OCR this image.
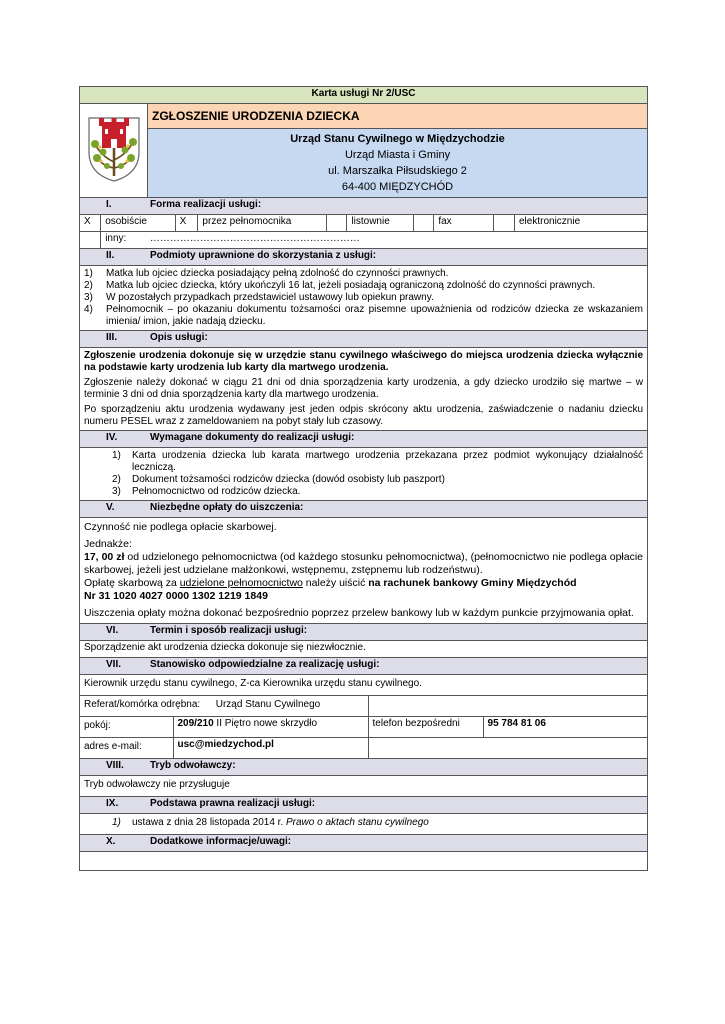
Karta usługi Nr 2/USC
	ZGŁOSZENIE URODZENIA DZIECKA

Urząd Stanu Cywilnego w Międzychodzie
Urząd Miasta i Gminy
ul. Marszałka Piłsudskiego 2
64-400 MIĘDZYCHÓD

I.	Forma realizacji usługi:

X	osobiście	X	przez pełnomocnika		listownie		fax		elektronicznie
	inny: ………………………………………………………

II.	Podmioty uprawnione do skorzystania z usługi:

1) Matka lub ojciec dziecka posiadający pełną zdolność do czynności prawnych.
2) Matka lub ojciec dziecka, który ukończyli 16 lat, jeżeli posiadają ograniczoną zdolność do czynności prawnych.
3) W pozostałych przypadkach przedstawiciel ustawowy lub opiekun prawny.
4) Pełnomocnik – po okazaniu dokumentu tożsamości oraz pisemne upoważnienia od rodziców dziecka ze wskazaniem imienia/ imion, jakie nadają dziecku.

III.	Opis usługi:

Zgłoszenie urodzenia dokonuje się w urzędzie stanu cywilnego właściwego do miejsca urodzenia dziecka wyłącznie na podstawie karty urodzenia lub karty dla martwego urodzenia.
Zgłoszenie należy dokonać w ciągu 21 dni od dnia sporządzenia karty urodzenia, a gdy dziecko urodziło się martwe – w terminie 3 dni od dnia sporządzenia karty dla martwego urodzenia.
Po sporządzeniu aktu urodzenia wydawany jest jeden odpis skrócony aktu urodzenia, zaświadczenie o nadaniu dziecku numeru PESEL wraz z zameldowaniem na pobyt stały lub czasowy.

IV.	Wymagane dokumenty do realizacji usługi:

1) Karta urodzenia dziecka lub karata martwego urodzenia przekazana przez podmiot wykonujący działalność leczniczą.
2) Dokument tożsamości rodziców dziecka (dowód osobisty lub paszport)
3) Pełnomocnictwo od rodziców dziecka.

V.	Niezbędne opłaty do uiszczenia:

Czynność nie podlega opłacie skarbowej.
Jednakże:
17, 00 zł od udzielonego pełnomocnictwa (od każdego stosunku pełnomocnictwa), (pełnomocnictwo nie podlega opłacie skarbowej, jeżeli jest udzielane małżonkowi, wstępnemu, zstępnemu lub rodzeństwu).
Opłatę skarbową za udzielone pełnomocnictwo należy uiścić na rachunek bankowy Gminy Międzychód
Nr 31 1020 4027 0000 1302 1219 1849
Uiszczenia opłaty można dokonać bezpośrednio poprzez przelew bankowy lub w każdym punkcie przyjmowania opłat.

VI.	Termin i sposób realizacji usługi:
Sporządzenie akt urodzenia dziecka dokonuje się niezwłocznie.
VII.	Stanowisko odpowiedzialne za realizację usługi:
Kierownik urzędu stanu cywilnego, Z-ca Kierownika urzędu stanu cywilnego.

Referat/komórka odrębna: Urząd Stanu Cywilnego	
pokój:	209/210 II Piętro nowe skrzydło	telefon bezpośredni	95 784 81 06
adres e-mail:	usc@miedzychod.pl	

VIII.	Tryb odwoławczy:
Tryb odwoławczy nie przysługuje
IX.	Podstawa prawna realizacji usługi:
1) ustawa z dnia 28 listopada 2014 r. Prawo o aktach stanu cywilnego
X.	Dodatkowe informacje/uwagi:
